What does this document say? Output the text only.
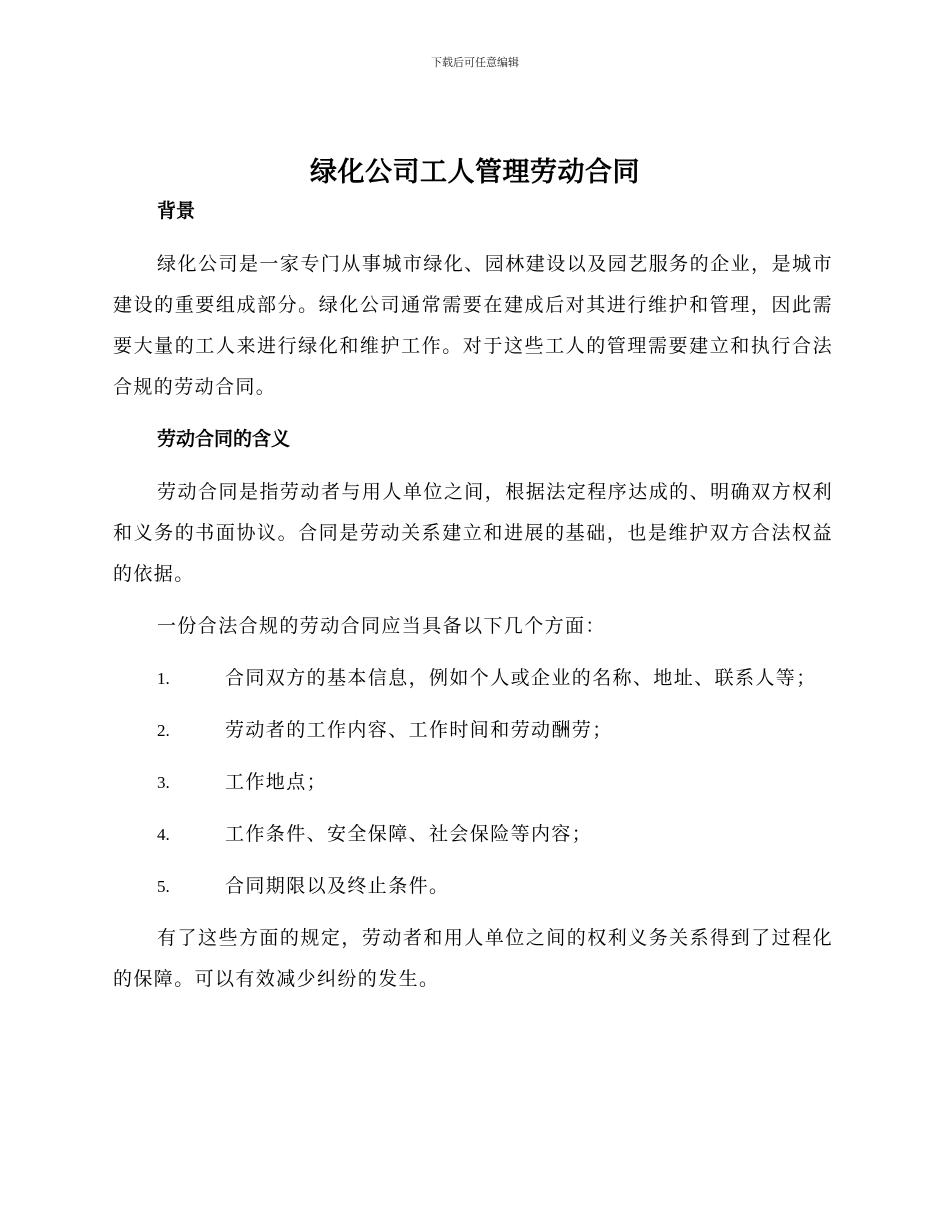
下载后可任意编辑
绿化公司工人管理劳动合同

背景

绿化公司是一家专门从事城市绿化、园林建设以及园艺服务的企业，是城市建设的重要组成部分。绿化公司通常需要在建成后对其进行维护和管理，因此需要大量的工人来进行绿化和维护工作。对于这些工人的管理需要建立和执行合法合规的劳动合同。

劳动合同的含义

劳动合同是指劳动者与用人单位之间，根据法定程序达成的、明确双方权利和义务的书面协议。合同是劳动关系建立和进展的基础，也是维护双方合法权益的依据。

一份合法合规的劳动合同应当具备以下几个方面：

1.	合同双方的基本信息，例如个人或企业的名称、地址、联系人等；

2.	劳动者的工作内容、工作时间和劳动酬劳；

3.	工作地点；

4.	工作条件、安全保障、社会保险等内容；

5.	合同期限以及终止条件。

有了这些方面的规定，劳动者和用人单位之间的权利义务关系得到了过程化的保障。可以有效减少纠纷的发生。
